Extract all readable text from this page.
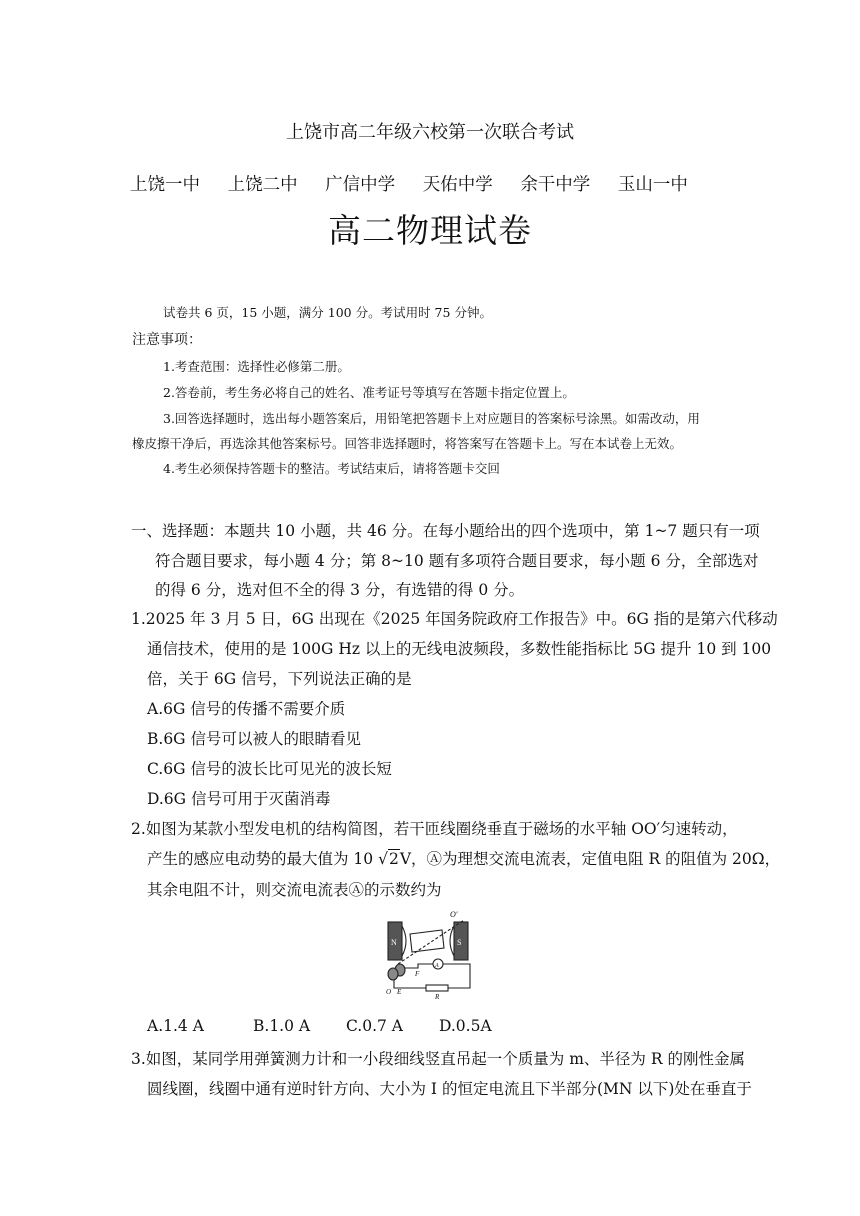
上饶市高二年级六校第一次联合考试
上饶一中 上饶二中 广信中学 天佑中学 余干中学 玉山一中
高二物理试卷
试卷共 6 页，15 小题，满分 100 分。考试用时 75 分钟。
注意事项：
1.考查范围：选择性必修第二册。
2.答卷前，考生务必将自己的姓名、准考证号等填写在答题卡指定位置上。
3.回答选择题时，选出每小题答案后，用铅笔把答题卡上对应题目的答案标号涂黑。如需改动，用
橡皮擦干净后，再选涂其他答案标号。回答非选择题时，将答案写在答题卡上。写在本试卷上无效。
4.考生必须保持答题卡的整洁。考试结束后，请将答题卡交回
一、选择题：本题共 10 小题，共 46 分。在每小题给出的四个选项中，第 1~7 题只有一项
符合题目要求，每小题 4 分；第 8~10 题有多项符合题目要求，每小题 6 分，全部选对
的得 6 分，选对但不全的得 3 分，有选错的得 0 分。
1.2025 年 3 月 5 日，6G 出现在《2025 年国务院政府工作报告》中。6G 指的是第六代移动
通信技术，使用的是 100G Hz 以上的无线电波频段，多数性能指标比 5G 提升 10 到 100
倍，关于 6G 信号，下列说法正确的是
A.6G 信号的传播不需要介质
B.6G 信号可以被人的眼睛看见
C.6G 信号的波长比可见光的波长短
D.6G 信号可用于灭菌消毒
2.如图为某款小型发电机的结构简图，若干匝线圈绕垂直于磁场的水平轴 OO′匀速转动，
产生的感应电动势的最大值为 10 √2V，Ⓐ为理想交流电流表，定值电阻 R 的阻值为 20Ω，
其余电阻不计，则交流电流表Ⓐ的示数约为
N	S
O′
F
A
O E
R
A.1.4 A	B.1.0 A C.0.7 A D.0.5A
3.如图，某同学用弹簧测力计和一小段细线竖直吊起一个质量为 m、半径为 R 的刚性金属
圆线圈，线圈中通有逆时针方向、大小为 I 的恒定电流且下半部分(MN 以下)处在垂直于
